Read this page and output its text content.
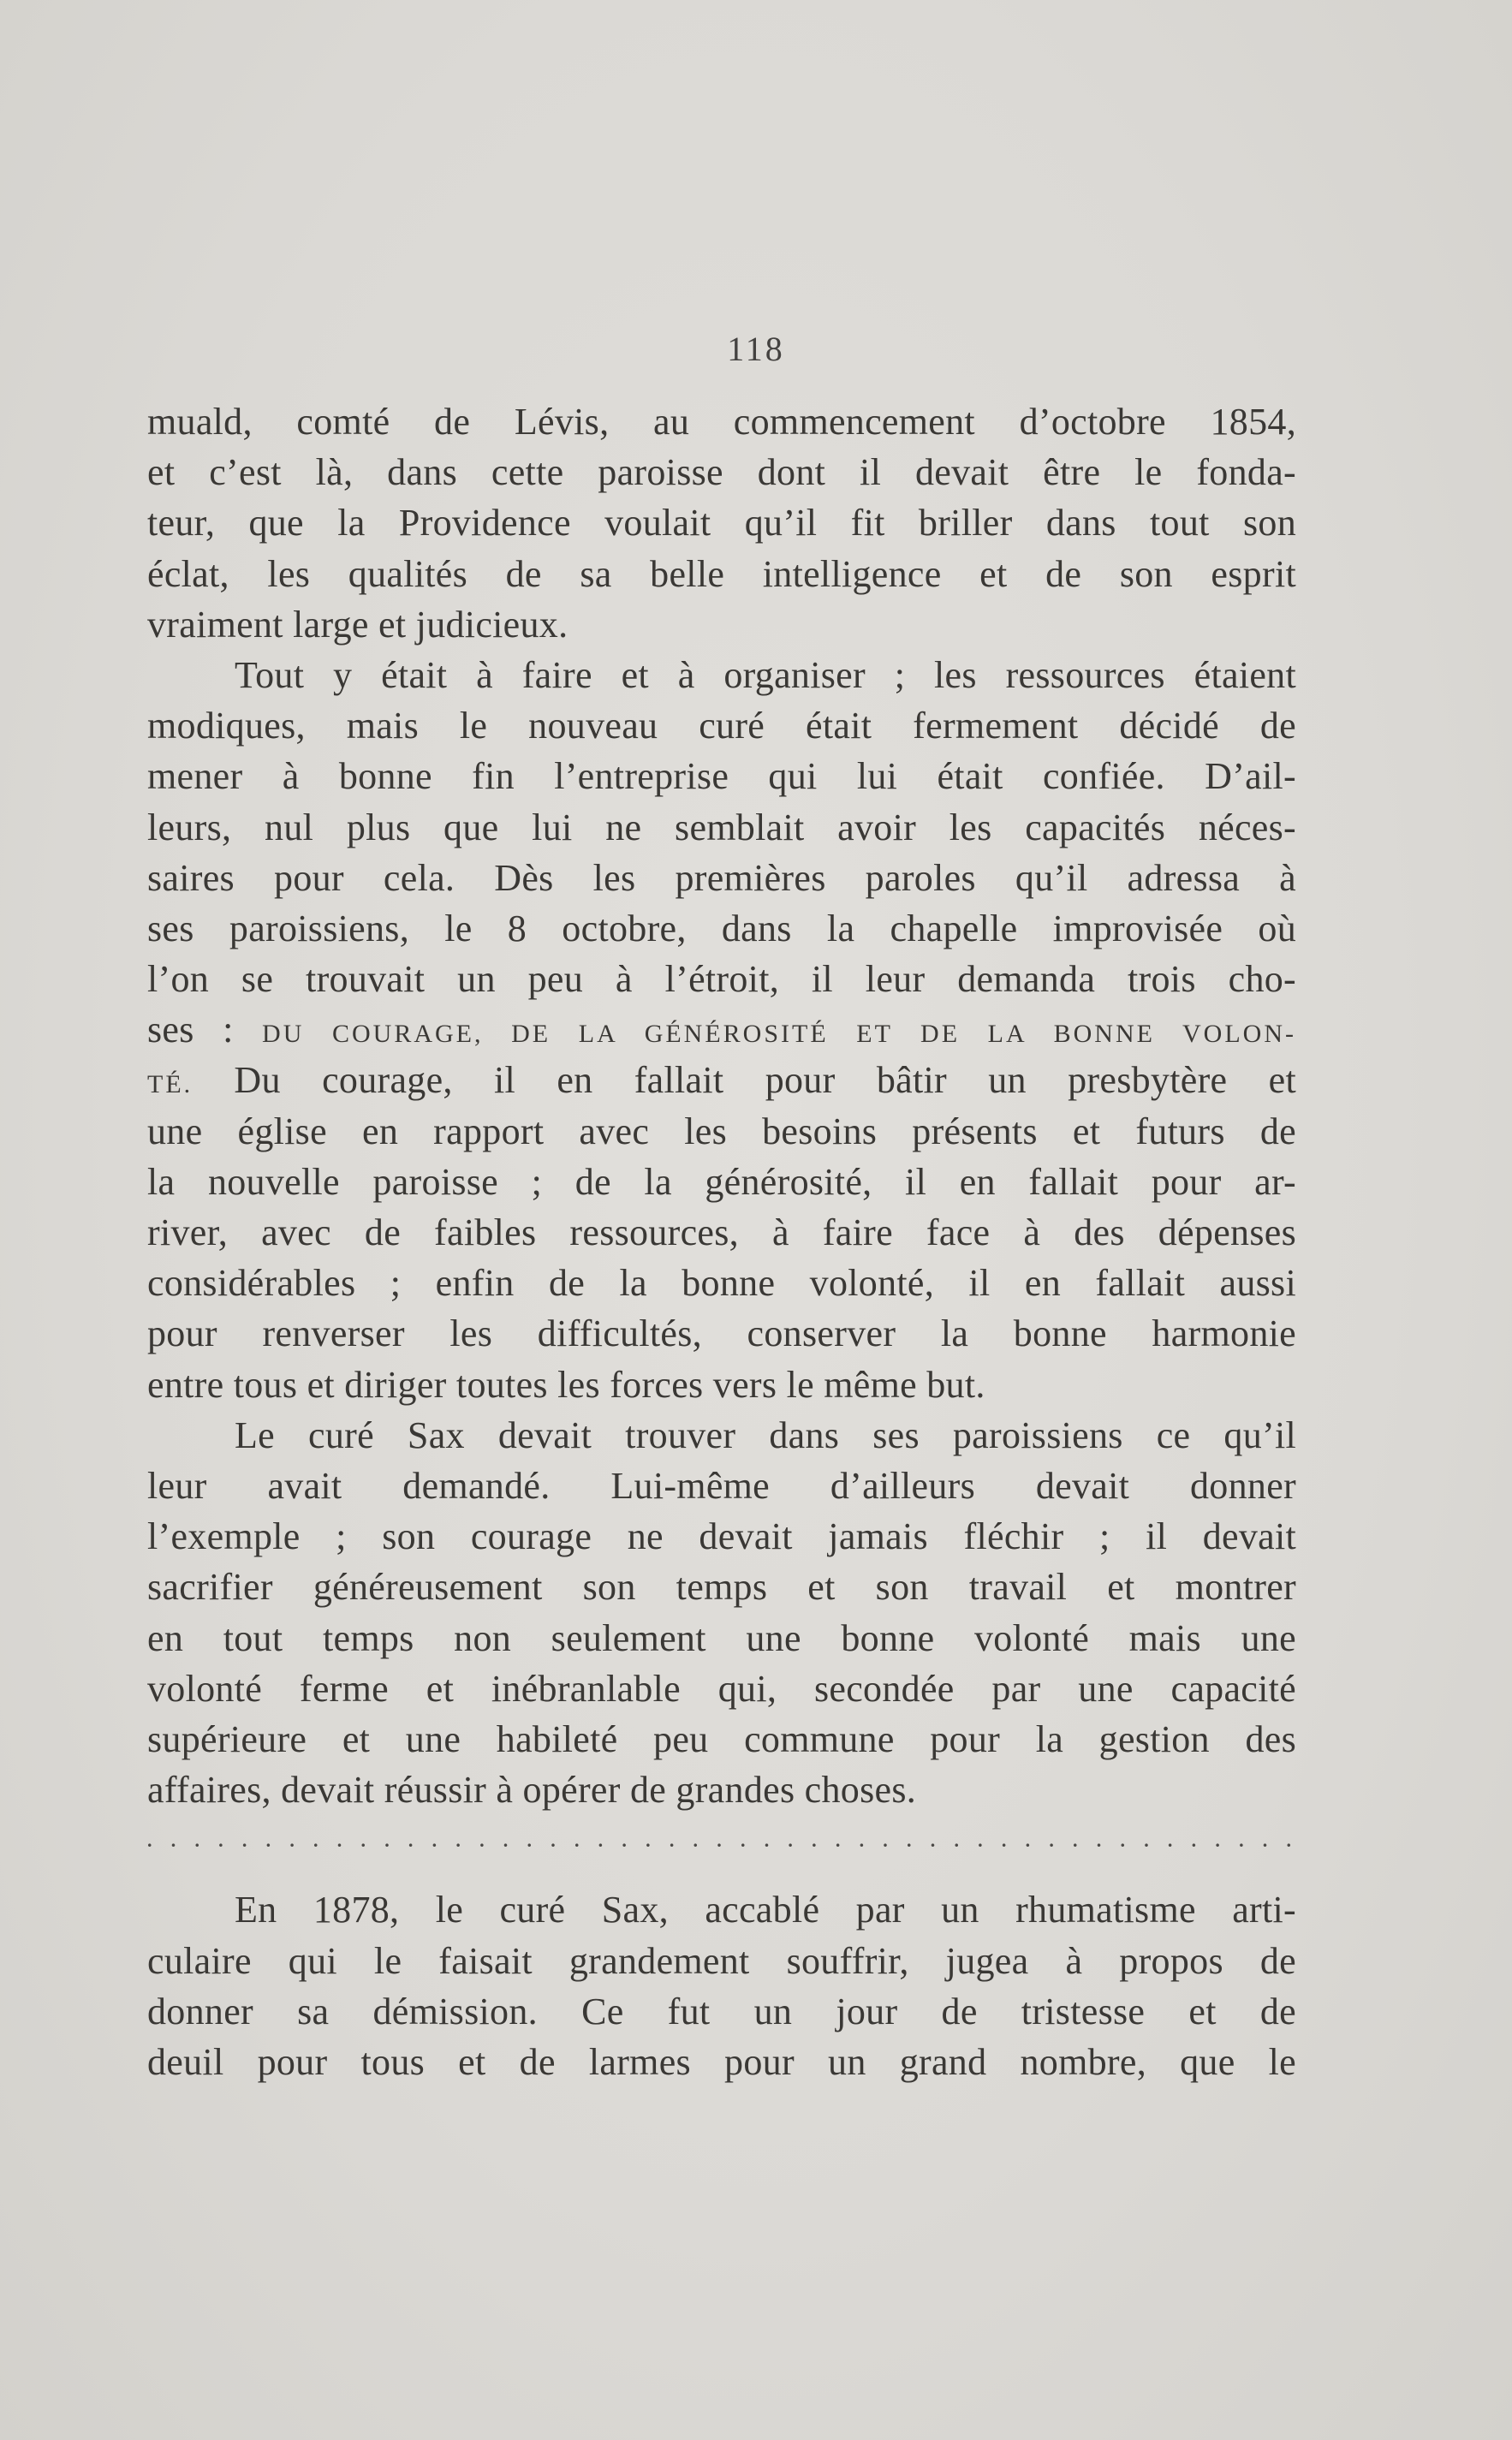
118
muald, comté de Lévis, au commencement d’octobre 1854,
et c’est là, dans cette paroisse dont il devait être le fonda-
teur, que la Providence voulait qu’il fit briller dans tout son
éclat, les qualités de sa belle intelligence et de son esprit
vraiment large et judicieux.
Tout y était à faire et à organiser ; les ressources étaient
modiques, mais le nouveau curé était fermement décidé de
mener à bonne fin l’entreprise qui lui était confiée. D’ail-
leurs, nul plus que lui ne semblait avoir les capacités néces-
saires pour cela. Dès les premières paroles qu’il adressa à
ses paroissiens, le 8 octobre, dans la chapelle improvisée où
l’on se trouvait un peu à l’étroit, il leur demanda trois cho-
ses : DU COURAGE, DE LA GÉNÉROSITÉ ET DE LA BONNE VOLON-
TÉ. Du courage, il en fallait pour bâtir un presbytère et
une église en rapport avec les besoins présents et futurs de
la nouvelle paroisse ; de la générosité, il en fallait pour ar-
river, avec de faibles ressources, à faire face à des dépenses
considérables ; enfin de la bonne volonté, il en fallait aussi
pour renverser les difficultés, conserver la bonne harmonie
entre tous et diriger toutes les forces vers le même but.
Le curé Sax devait trouver dans ses paroissiens ce qu’il
leur avait demandé. Lui-même d’ailleurs devait donner
l’exemple ; son courage ne devait jamais fléchir ; il devait
sacrifier généreusement son temps et son travail et montrer
en tout temps non seulement une bonne volonté mais une
volonté ferme et inébranlable qui, secondée par une capacité
supérieure et une habileté peu commune pour la gestion des
affaires, devait réussir à opérer de grandes choses.
. . . . . . . . . . . . . . . . . . . . . . . . . . . . . . . . . . . . . . . . . . . . . . . . .
En 1878, le curé Sax, accablé par un rhumatisme arti-
culaire qui le faisait grandement souffrir, jugea à propos de
donner sa démission. Ce fut un jour de tristesse et de
deuil pour tous et de larmes pour un grand nombre, que le
